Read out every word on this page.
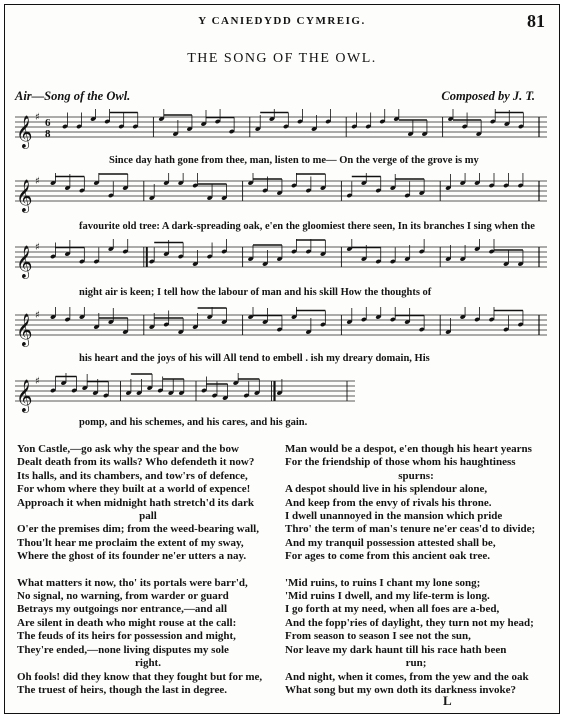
Y CANIEDYDD CYMREIG.	81
THE SONG OF THE OWL.
Air—Song of the Owl.	Composed by J. T.
𝄞 ♯ 6
8
Since day hath gone from thee, man, listen to me— On the verge of the grove is my
𝄞 ♯
favourite old tree: A dark-spreading oak, e'en the gloomiest there seen, In its branches I sing when the
𝄞 ♯
night air is keen; I tell how the labour of man and his skill How the thoughts of
𝄞 ♯
his heart and the joys of his will All tend to embell . ish my dreary domain, His
𝄞 ♯
pomp, and his schemes, and his cares, and his gain.
Yon Castle,—go ask why the spear and the bow
Dealt death from its walls? Who defendeth it now?
Its halls, and its chambers, and tow'rs of defence,
For whom where they built at a world of expence!
Approach it when midnight hath stretch'd its dark
pall
O'er the premises dim; from the weed-bearing wall,
Thou'lt hear me proclaim the extent of my sway,
Where the ghost of its founder ne'er utters a nay.
What matters it now, tho' its portals were barr'd,
No signal, no warning, from warder or guard
Betrays my outgoings nor entrance,—and all
Are silent in death who might rouse at the call:
The feuds of its heirs for possession and might,
They're ended,—none living disputes my sole
right.
Oh fools! did they know that they fought but for me,
The truest of heirs, though the last in degree.
Man would be a despot, e'en though his heart yearns
For the friendship of those whom his haughtiness
spurns:
A despot should live in his splendour alone,
And keep from the envy of rivals his throne.
I dwell unannoyed in the mansion which pride
Thro' the term of man's tenure ne'er ceas'd to divide;
And my tranquil possession attested shall be,
For ages to come from this ancient oak tree.
'Mid ruins, to ruins I chant my lone song;
'Mid ruins I dwell, and my life-term is long.
I go forth at my need, when all foes are a-bed,
And the fopp'ries of daylight, they turn not my head;
From season to season I see not the sun,
Nor leave my dark haunt till his race hath been
run;
And night, when it comes, from the yew and the oak
What song but my own doth its darkness invoke?
L
